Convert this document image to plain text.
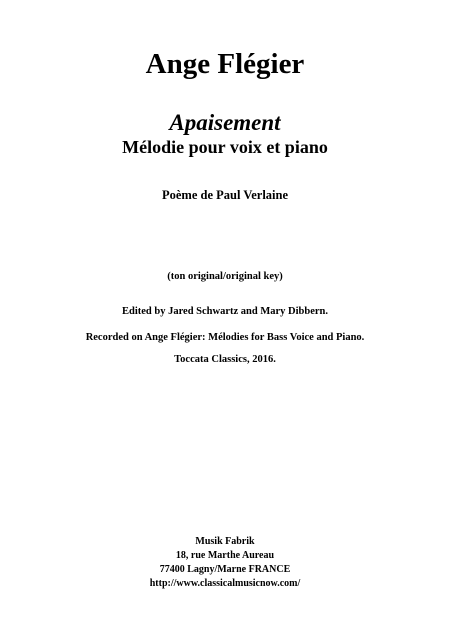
Ange Flégier
Apaisement
Mélodie pour voix et piano
Poème de Paul Verlaine
(ton original/original key)
Edited by Jared Schwartz and Mary Dibbern.
Recorded on Ange Flégier: Mélodies for Bass Voice and Piano.
Toccata Classics, 2016.
Musik Fabrik
18, rue Marthe Aureau
77400 Lagny/Marne FRANCE
http://www.classicalmusicnow.com/
